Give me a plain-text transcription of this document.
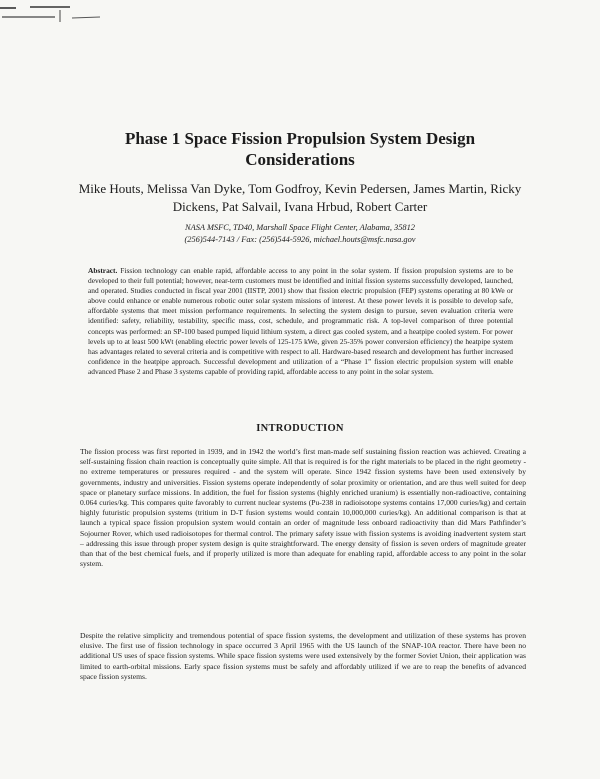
Phase 1 Space Fission Propulsion System Design Considerations
Mike Houts, Melissa Van Dyke, Tom Godfroy, Kevin Pedersen, James Martin, Ricky Dickens, Pat Salvail, Ivana Hrbud, Robert Carter
NASA MSFC, TD40, Marshall Space Flight Center, Alabama, 35812
(256)544-7143 / Fax: (256)544-5926, michael.houts@msfc.nasa.gov

Abstract. Fission technology can enable rapid, affordable access to any point in the solar system. If fission propulsion systems are to be developed to their full potential; however, near-term customers must be identified and initial fission systems successfully developed, launched, and operated. Studies conducted in fiscal year 2001 (IISTP, 2001) show that fission electric propulsion (FEP) systems operating at 80 kWe or above could enhance or enable numerous robotic outer solar system missions of interest. At these power levels it is possible to develop safe, affordable systems that meet mission performance requirements. In selecting the system design to pursue, seven evaluation criteria were identified: safety, reliability, testability, specific mass, cost, schedule, and programmatic risk. A top-level comparison of three potential concepts was performed: an SP-100 based pumped liquid lithium system, a direct gas cooled system, and a heatpipe cooled system. For power levels up to at least 500 kWt (enabling electric power levels of 125-175 kWe, given 25-35% power conversion efficiency) the heatpipe system has advantages related to several criteria and is competitive with respect to all. Hardware-based research and development has further increased confidence in the heatpipe approach. Successful development and utilization of a “Phase 1” fission electric propulsion system will enable advanced Phase 2 and Phase 3 systems capable of providing rapid, affordable access to any point in the solar system.

INTRODUCTION

The fission process was first reported in 1939, and in 1942 the world’s first man-made self sustaining fission reaction was achieved. Creating a self-sustaining fission chain reaction is conceptually quite simple. All that is required is for the right materials to be placed in the right geometry - no extreme temperatures or pressures required - and the system will operate. Since 1942 fission systems have been used extensively by governments, industry and universities. Fission systems operate independently of solar proximity or orientation, and are thus well suited for deep space or planetary surface missions. In addition, the fuel for fission systems (highly enriched uranium) is essentially non-radioactive, containing 0.064 curies/kg. This compares quite favorably to current nuclear systems (Pu-238 in radioisotope systems contains 17,000 curies/kg) and certain highly futuristic propulsion systems (tritium in D-T fusion systems would contain 10,000,000 curies/kg). An additional comparison is that at launch a typical space fission propulsion system would contain an order of magnitude less onboard radioactivity than did Mars Pathfinder’s Sojourner Rover, which used radioisotopes for thermal control. The primary safety issue with fission systems is avoiding inadvertent system start – addressing this issue through proper system design is quite straightforward. The energy density of fission is seven orders of magnitude greater than that of the best chemical fuels, and if properly utilized is more than adequate for enabling rapid, affordable access to any point in the solar system.

Despite the relative simplicity and tremendous potential of space fission systems, the development and utilization of these systems has proven elusive. The first use of fission technology in space occurred 3 April 1965 with the US launch of the SNAP-10A reactor. There have been no additional US uses of space fission systems. While space fission systems were used extensively by the former Soviet Union, their application was limited to earth-orbital missions. Early space fission systems must be safely and affordably utilized if we are to reap the benefits of advanced space fission systems.
